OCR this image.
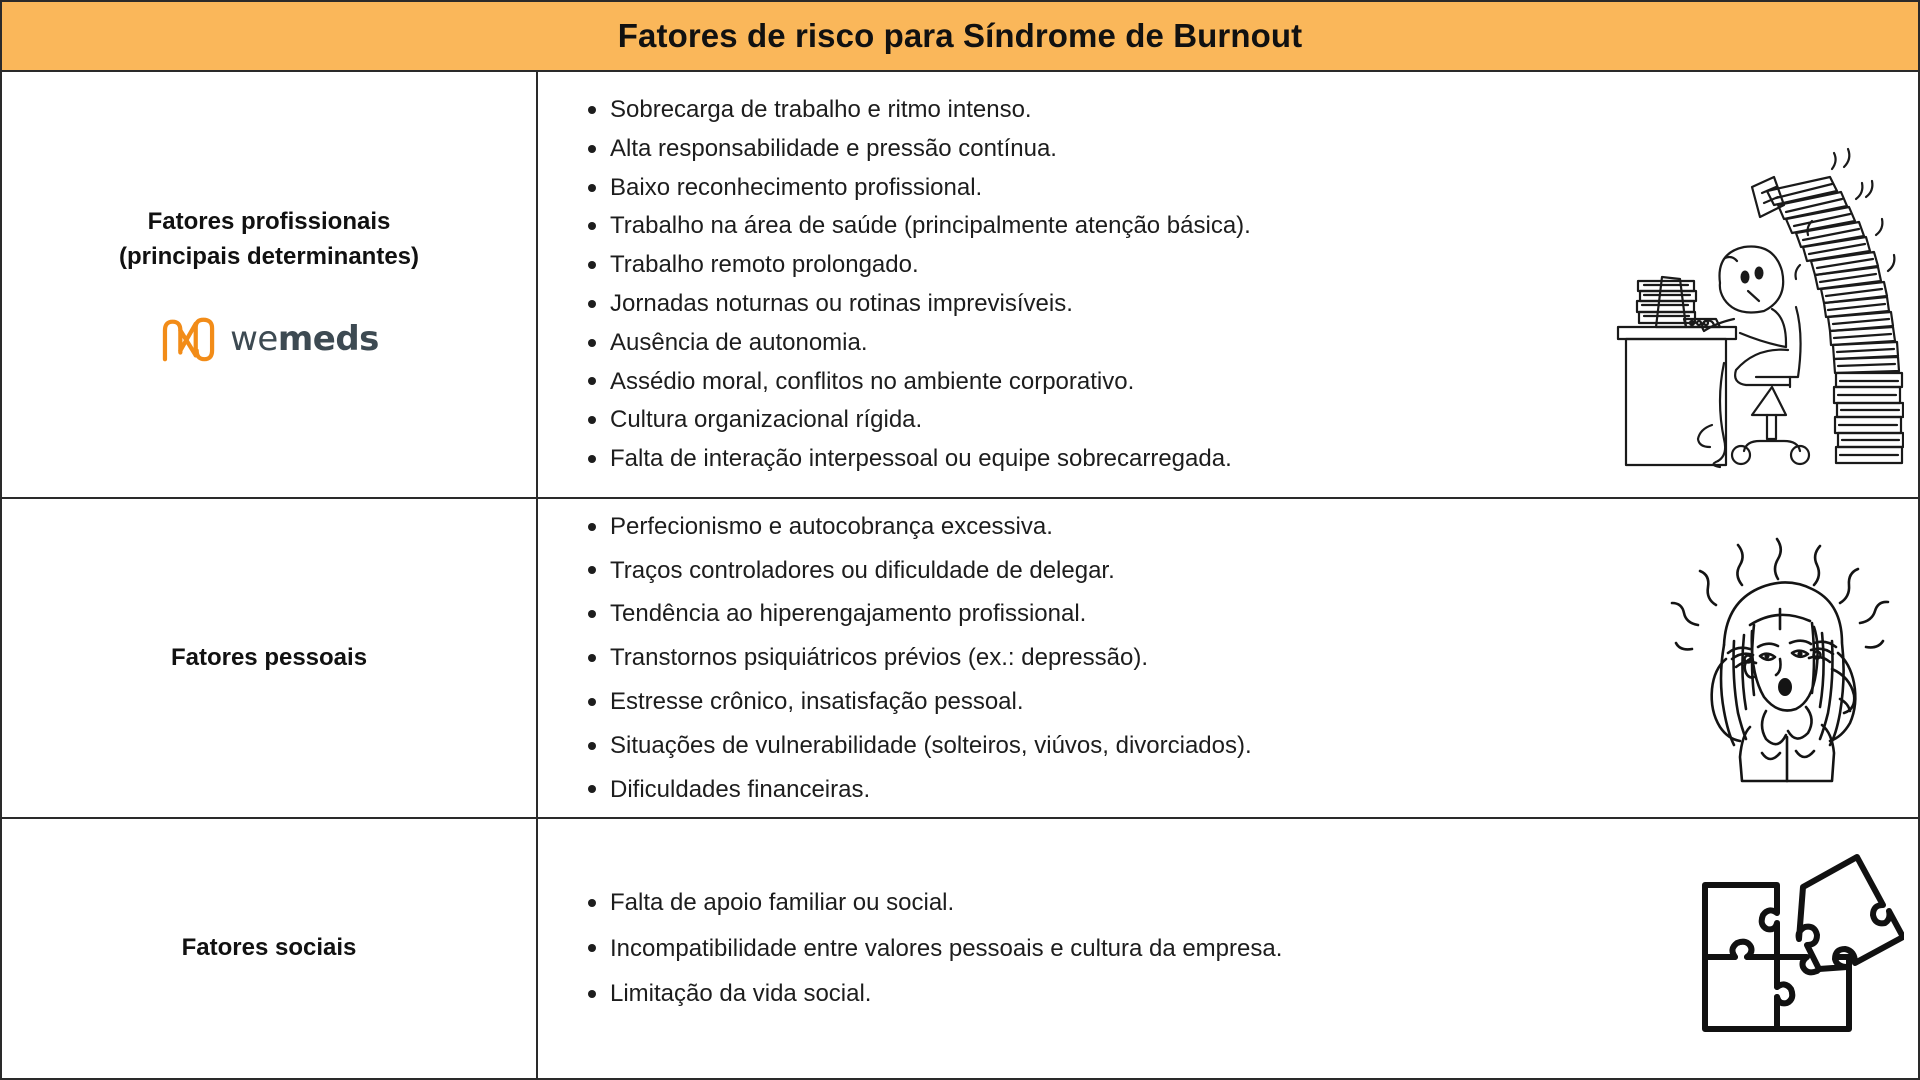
Fatores de risco para Síndrome de Burnout
Fatores profissionais
(principais determinantes)
wemeds
Sobrecarga de trabalho e ritmo intenso.
Alta responsabilidade e pressão contínua.
Baixo reconhecimento profissional.
Trabalho na área de saúde (principalmente atenção básica).
Trabalho remoto prolongado.
Jornadas noturnas ou rotinas imprevisíveis.
Ausência de autonomia.
Assédio moral, conflitos no ambiente corporativo.
Cultura organizacional rígida.
Falta de interação interpessoal ou equipe sobrecarregada.
Fatores pessoais
Perfecionismo e autocobrança excessiva.
Traços controladores ou dificuldade de delegar.
Tendência ao hiperengajamento profissional.
Transtornos psiquiátricos prévios (ex.: depressão).
Estresse crônico, insatisfação pessoal.
Situações de vulnerabilidade (solteiros, viúvos, divorciados).
Dificuldades financeiras.
Fatores sociais
Falta de apoio familiar ou social.
Incompatibilidade entre valores pessoais e cultura da empresa.
Limitação da vida social.
